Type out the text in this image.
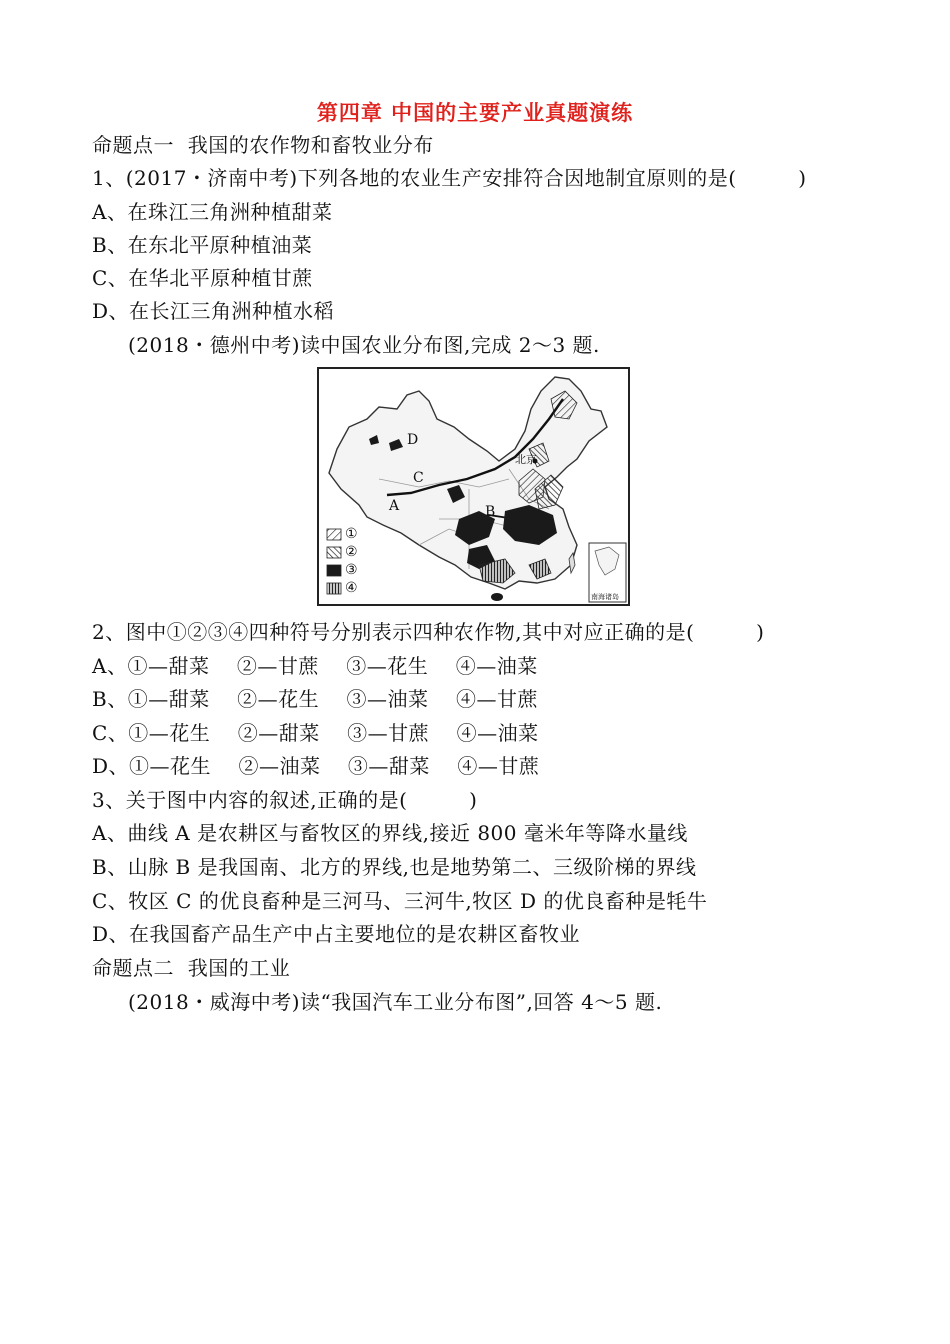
第四章 中国的主要产业真题演练
命题点一  我国的农作物和畜牧业分布
1、(2017・济南中考)下列各地的农业生产安排符合因地制宜原则的是(         )
A、在珠江三角洲种植甜菜
B、在东北平原种植油菜
C、在华北平原种植甘蔗
D、在长江三角洲种植水稻
(2018・德州中考)读中国农业分布图,完成 2～3 题.
D
C
A	B
北京
南海诸岛
①
②
③
④
2、图中①②③④四种符号分别表示四种农作物,其中对应正确的是(         )
A、①—甜菜    ②—甘蔗    ③—花生    ④—油菜
B、①—甜菜    ②—花生    ③—油菜    ④—甘蔗
C、①—花生    ②—甜菜    ③—甘蔗    ④—油菜
D、①—花生    ②—油菜    ③—甜菜    ④—甘蔗
3、关于图中内容的叙述,正确的是(         )
A、曲线 A 是农耕区与畜牧区的界线,接近 800 毫米年等降水量线
B、山脉 B 是我国南、北方的界线,也是地势第二、三级阶梯的界线
C、牧区 C 的优良畜种是三河马、三河牛,牧区 D 的优良畜种是牦牛
D、在我国畜产品生产中占主要地位的是农耕区畜牧业
命题点二  我国的工业
(2018・威海中考)读“我国汽车工业分布图”,回答 4～5 题.
